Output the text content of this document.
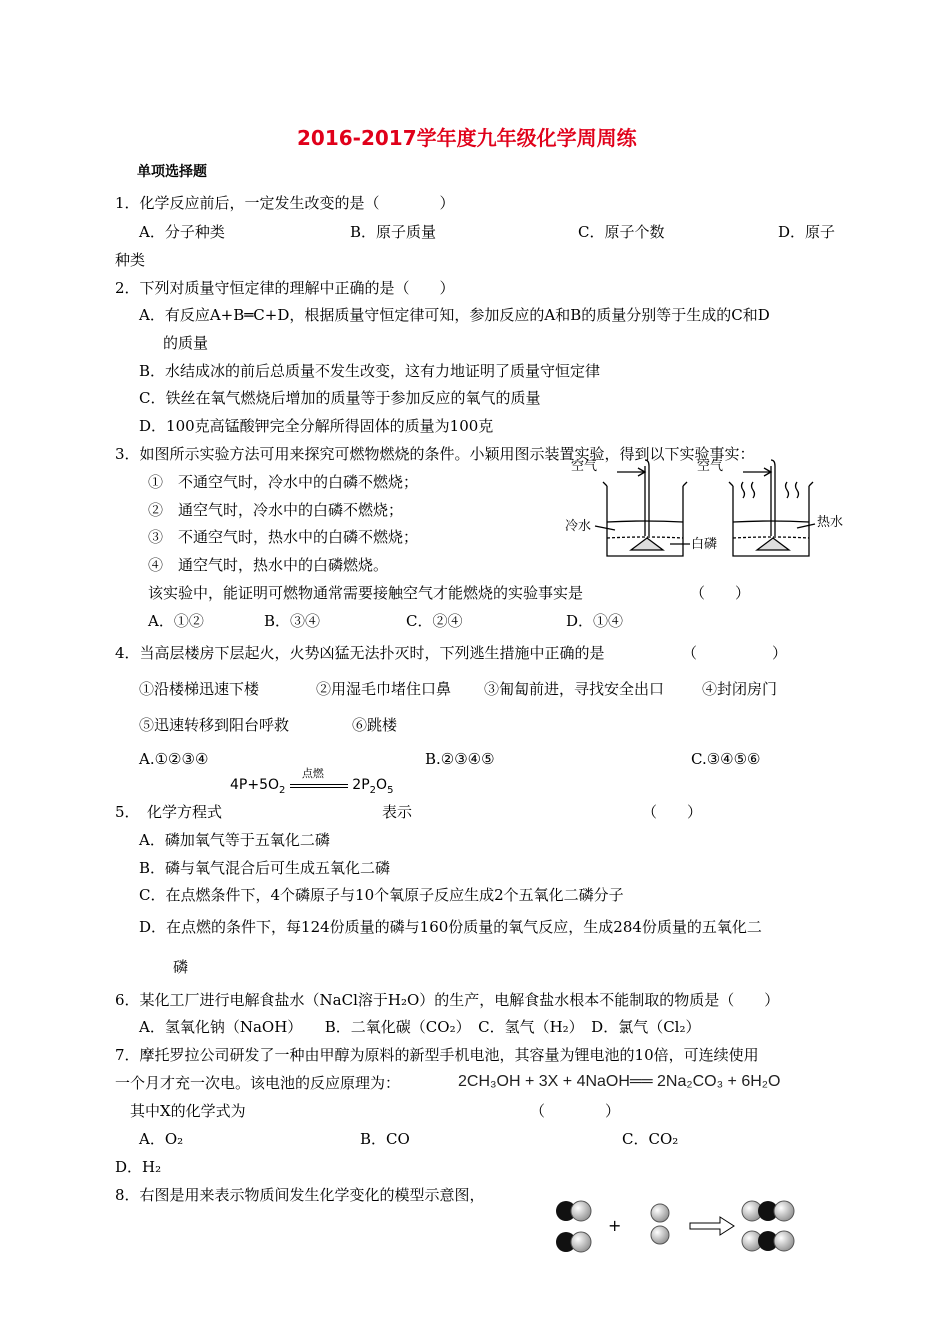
2016-2017学年度九年级化学周周练
单项选择题
1．化学反应前后，一定发生改变的是（　　　　）
A．分子种类	B．原子质量	C．原子个数	D．原子
种类
2．下列对质量守恒定律的理解中正确的是（　　）
A．有反应A+B═C+D，根据质量守恒定律可知，参加反应的A和B的质量分别等于生成的C和D
的质量
B．水结成冰的前后总质量不发生改变，这有力地证明了质量守恒定律
C．铁丝在氧气燃烧后增加的质量等于参加反应的氧气的质量
D．100克高锰酸钾完全分解所得固体的质量为100克
3．如图所示实验方法可用来探究可燃物燃烧的条件。小颖用图示装置实验，得到以下实验事实：
①　不通空气时，冷水中的白磷不燃烧；
②　通空气时，冷水中的白磷不燃烧；
③　不通空气时，热水中的白磷不燃烧；
④　通空气时，热水中的白磷燃烧。
该实验中，能证明可燃物通常需要接触空气才能燃烧的实验事实是	（　　）
A．①②	B．③④	C．②④	D．①④
空气	空气
冷水
白磷
热水
4．当高层楼房下层起火，火势凶猛无法扑灭时，下列逃生措施中正确的是	（　　　　　）
①沿楼梯迅速下楼	②用湿毛巾堵住口鼻 ③匍匐前进，寻找安全出口	④封闭房门
⑤迅速转移到阳台呼救	⑥跳楼
A.①②③④	B.②③④⑤	C.③④⑤⑥
$4P+5O_2$
点燃
$2P_2O_5$
5．　化学方程式	表示	（　　）
A．磷加氧气等于五氧化二磷
B．磷与氧气混合后可生成五氧化二磷
C．在点燃条件下，4个磷原子与10个氧原子反应生成2个五氧化二磷分子
D．在点燃的条件下，每124份质量的磷与160份质量的氧气反应，生成284份质量的五氧化二
磷
6．某化工厂进行电解食盐水（NaCl溶于H₂O）的生产，电解食盐水根本不能制取的物质是（　　）
A．氢氧化钠（NaOH）　　B．二氧化碳（CO₂）　C．氢气（H₂）　D．氯气（Cl₂）
7．摩托罗拉公司研发了一种由甲醇为原料的新型手机电池，其容量为锂电池的10倍，可连续使用
一个月才充一次电。该电池的反应原理为：	2CH₃OH + 3X + 4NaOH══ 2Na₂CO₃ + 6H₂O
其中X的化学式为	（　　　　）
A．O₂	B．CO	C．CO₂
D．H₂
8．右图是用来表示物质间发生化学变化的模型示意图，
+
